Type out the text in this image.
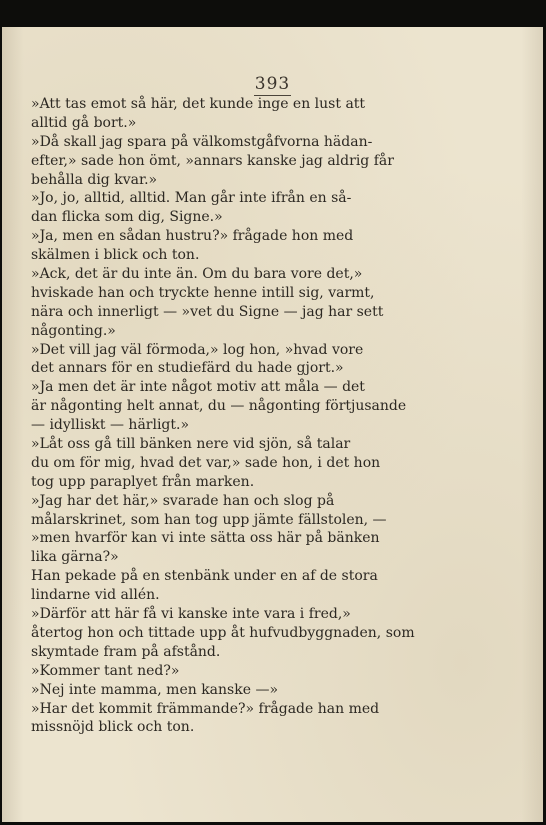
393
»Att tas emot så här, det kunde inge en lust att
alltid gå bort.»
»Då skall jag spara på välkomstgåfvorna hädan-
efter,» sade hon ömt, »annars kanske jag aldrig får
behålla dig kvar.»
»Jo, jo, alltid, alltid. Man går inte ifrån en så-
dan flicka som dig, Signe.»
»Ja, men en sådan hustru?» frågade hon med
skälmen i blick och ton.
»Ack, det är du inte än. Om du bara vore det,»
hviskade han och tryckte henne intill sig, varmt,
nära och innerligt — »vet du Signe — jag har sett
någonting.»
»Det vill jag väl förmoda,» log hon, »hvad vore
det annars för en studiefärd du hade gjort.»
»Ja men det är inte något motiv att måla — det
är någonting helt annat, du — någonting förtjusande
— idylliskt — härligt.»
»Låt oss gå till bänken nere vid sjön, så talar
du om för mig, hvad det var,» sade hon, i det hon
tog upp paraplyet från marken.
»Jag har det här,» svarade han och slog på
målarskrinet, som han tog upp jämte fällstolen, —
»men hvarför kan vi inte sätta oss här på bänken
lika gärna?»
Han pekade på en stenbänk under en af de stora
lindarne vid allén.
»Därför att här få vi kanske inte vara i fred,»
återtog hon och tittade upp åt hufvudbyggnaden, som
skymtade fram på afstånd.
»Kommer tant ned?»
»Nej inte mamma, men kanske —»
»Har det kommit främmande?» frågade han med
missnöjd blick och ton.
